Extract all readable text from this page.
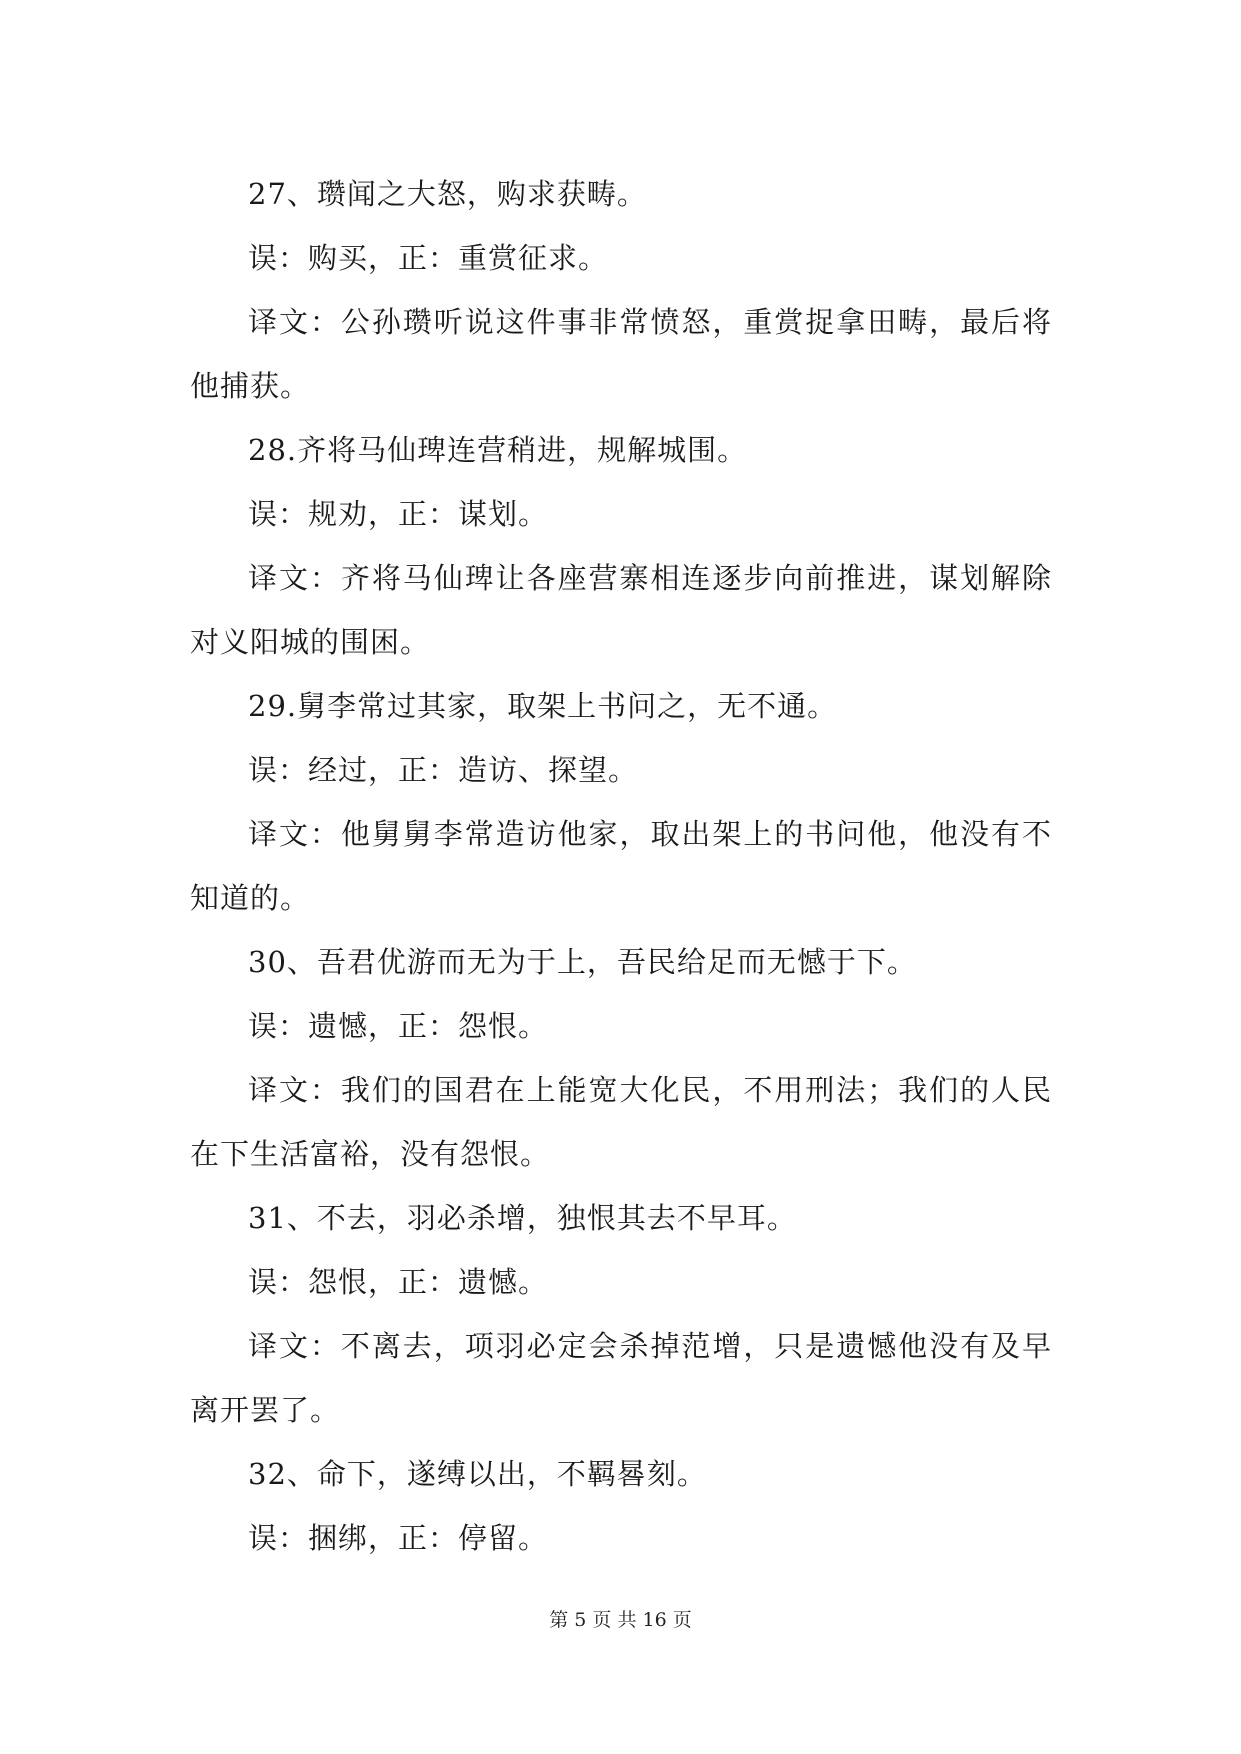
27、瓒闻之大怒，购求获畴。
误：购买，正：重赏征求。
译文：公孙瓒听说这件事非常愤怒，重赏捉拿田畴，最后将他捕获。
28.齐将马仙琕连营稍进，规解城围。
误：规劝，正：谋划。
译文：齐将马仙琕让各座营寨相连逐步向前推进，谋划解除对义阳城的围困。
29.舅李常过其家，取架上书问之，无不通。
误：经过，正：造访、探望。
译文：他舅舅李常造访他家，取出架上的书问他，他没有不知道的。
30、吾君优游而无为于上，吾民给足而无憾于下。
误：遗憾，正：怨恨。
译文：我们的国君在上能宽大化民，不用刑法；我们的人民在下生活富裕，没有怨恨。
31、不去，羽必杀增，独恨其去不早耳。
误：怨恨，正：遗憾。
译文：不离去，项羽必定会杀掉范增，只是遗憾他没有及早离开罢了。
32、命下，遂缚以出，不羁晷刻。
误：捆绑，正：停留。
第 5 页 共 16 页
